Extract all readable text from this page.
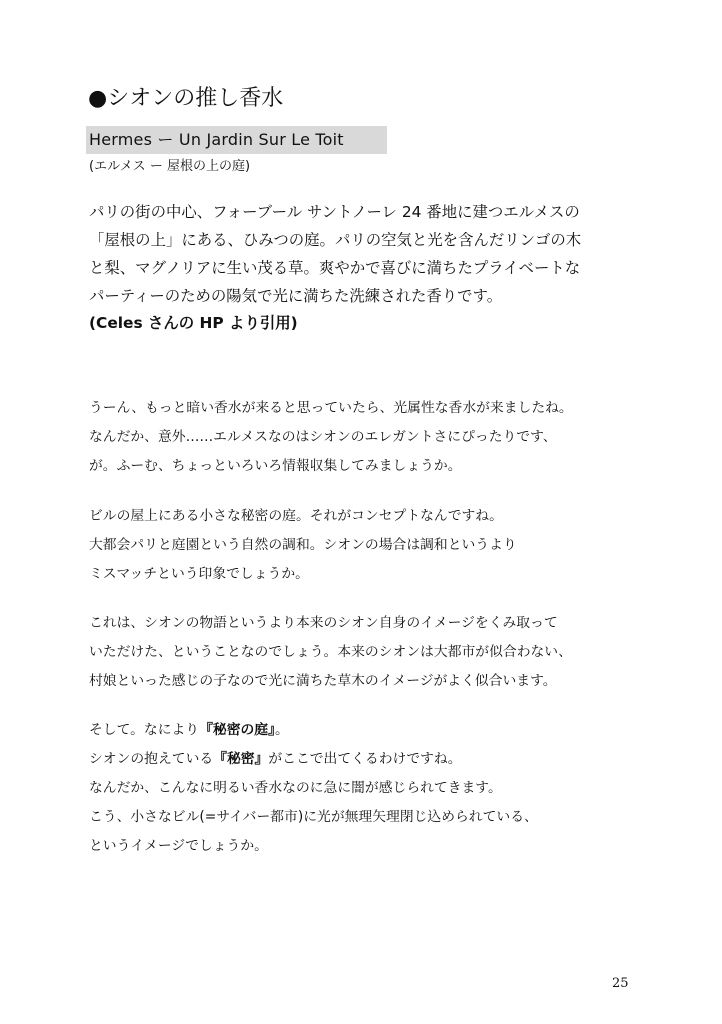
●シオンの推し香水
Hermes ー Un Jardin Sur Le Toit
(エルメス ー 屋根の上の庭)
パリの街の中心、フォーブール サントノーレ 24 番地に建つエルメスの
「屋根の上」にある、ひみつの庭。パリの空気と光を含んだリンゴの木
と梨、マグノリアに生い茂る草。爽やかで喜びに満ちたプライベートな
パーティーのための陽気で光に満ちた洗練された香りです。
(Celes さんの HP より引用)
うーん、もっと暗い香水が来ると思っていたら、光属性な香水が来ましたね。
なんだか、意外……エルメスなのはシオンのエレガントさにぴったりです、
が。ふーむ、ちょっといろいろ情報収集してみましょうか。
ビルの屋上にある小さな秘密の庭。それがコンセプトなんですね。
大都会パリと庭園という自然の調和。シオンの場合は調和というより
ミスマッチという印象でしょうか。
これは、シオンの物語というより本来のシオン自身のイメージをくみ取って
いただけた、ということなのでしょう。本来のシオンは大都市が似合わない、
村娘といった感じの子なので光に満ちた草木のイメージがよく似合います。
そして。なにより『秘密の庭』。
シオンの抱えている『秘密』がここで出てくるわけですね。
なんだか、こんなに明るい香水なのに急に闇が感じられてきます。
こう、小さなビル(=サイバー都市)に光が無理矢理閉じ込められている、
というイメージでしょうか。
25
